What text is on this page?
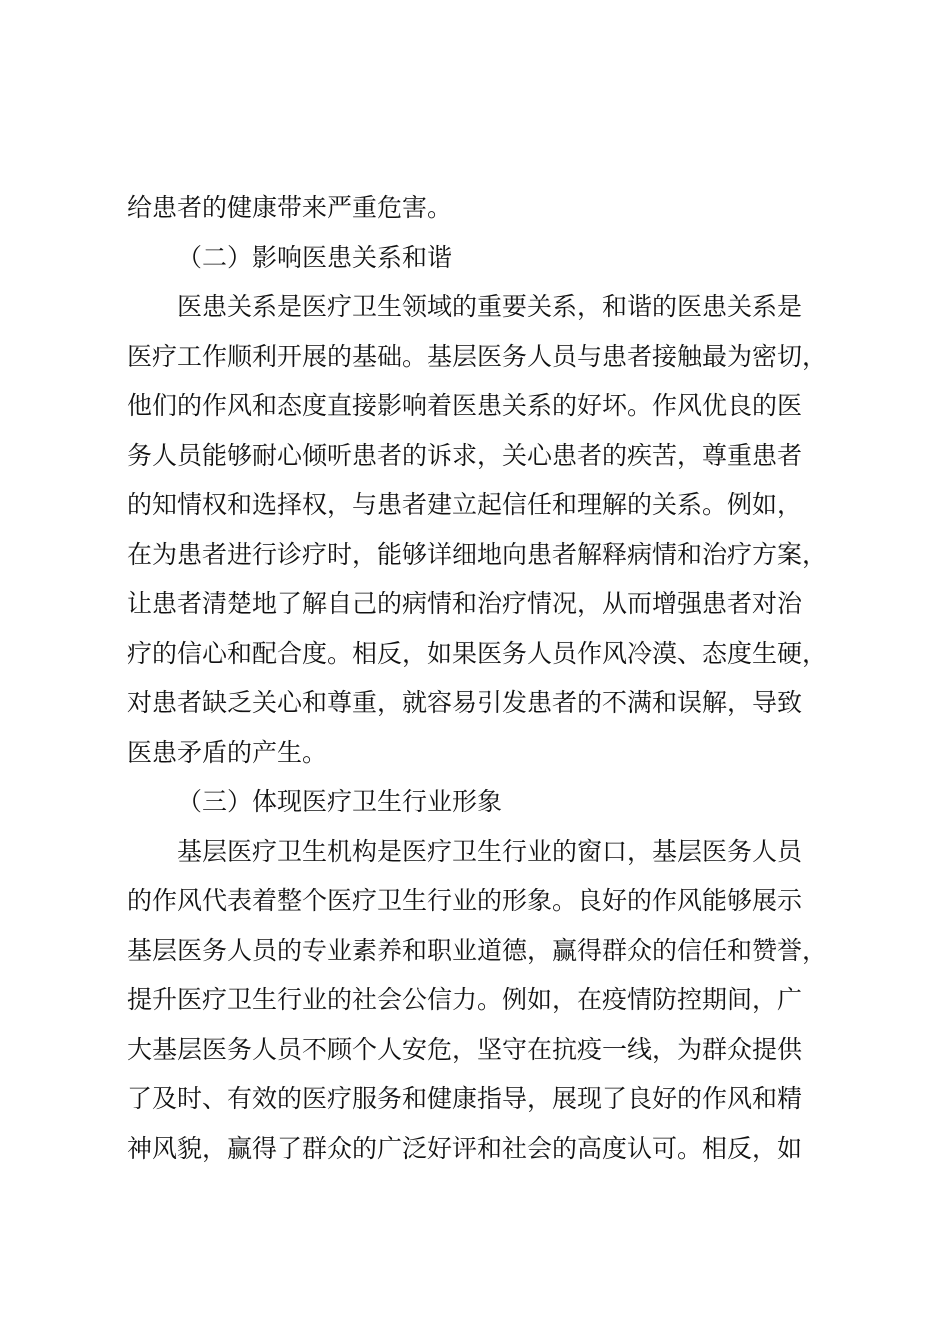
给患者的健康带来严重危害。
（二）影响医患关系和谐
医患关系是医疗卫生领域的重要关系，和谐的医患关系是
医疗工作顺利开展的基础。基层医务人员与患者接触最为密切，
他们的作风和态度直接影响着医患关系的好坏。作风优良的医
务人员能够耐心倾听患者的诉求，关心患者的疾苦，尊重患者
的知情权和选择权，与患者建立起信任和理解的关系。例如，
在为患者进行诊疗时，能够详细地向患者解释病情和治疗方案，
让患者清楚地了解自己的病情和治疗情况，从而增强患者对治
疗的信心和配合度。相反，如果医务人员作风冷漠、态度生硬，
对患者缺乏关心和尊重，就容易引发患者的不满和误解，导致
医患矛盾的产生。
（三）体现医疗卫生行业形象
基层医疗卫生机构是医疗卫生行业的窗口，基层医务人员
的作风代表着整个医疗卫生行业的形象。良好的作风能够展示
基层医务人员的专业素养和职业道德，赢得群众的信任和赞誉，
提升医疗卫生行业的社会公信力。例如，在疫情防控期间，广
大基层医务人员不顾个人安危，坚守在抗疫一线，为群众提供
了及时、有效的医疗服务和健康指导，展现了良好的作风和精
神风貌，赢得了群众的广泛好评和社会的高度认可。相反，如
